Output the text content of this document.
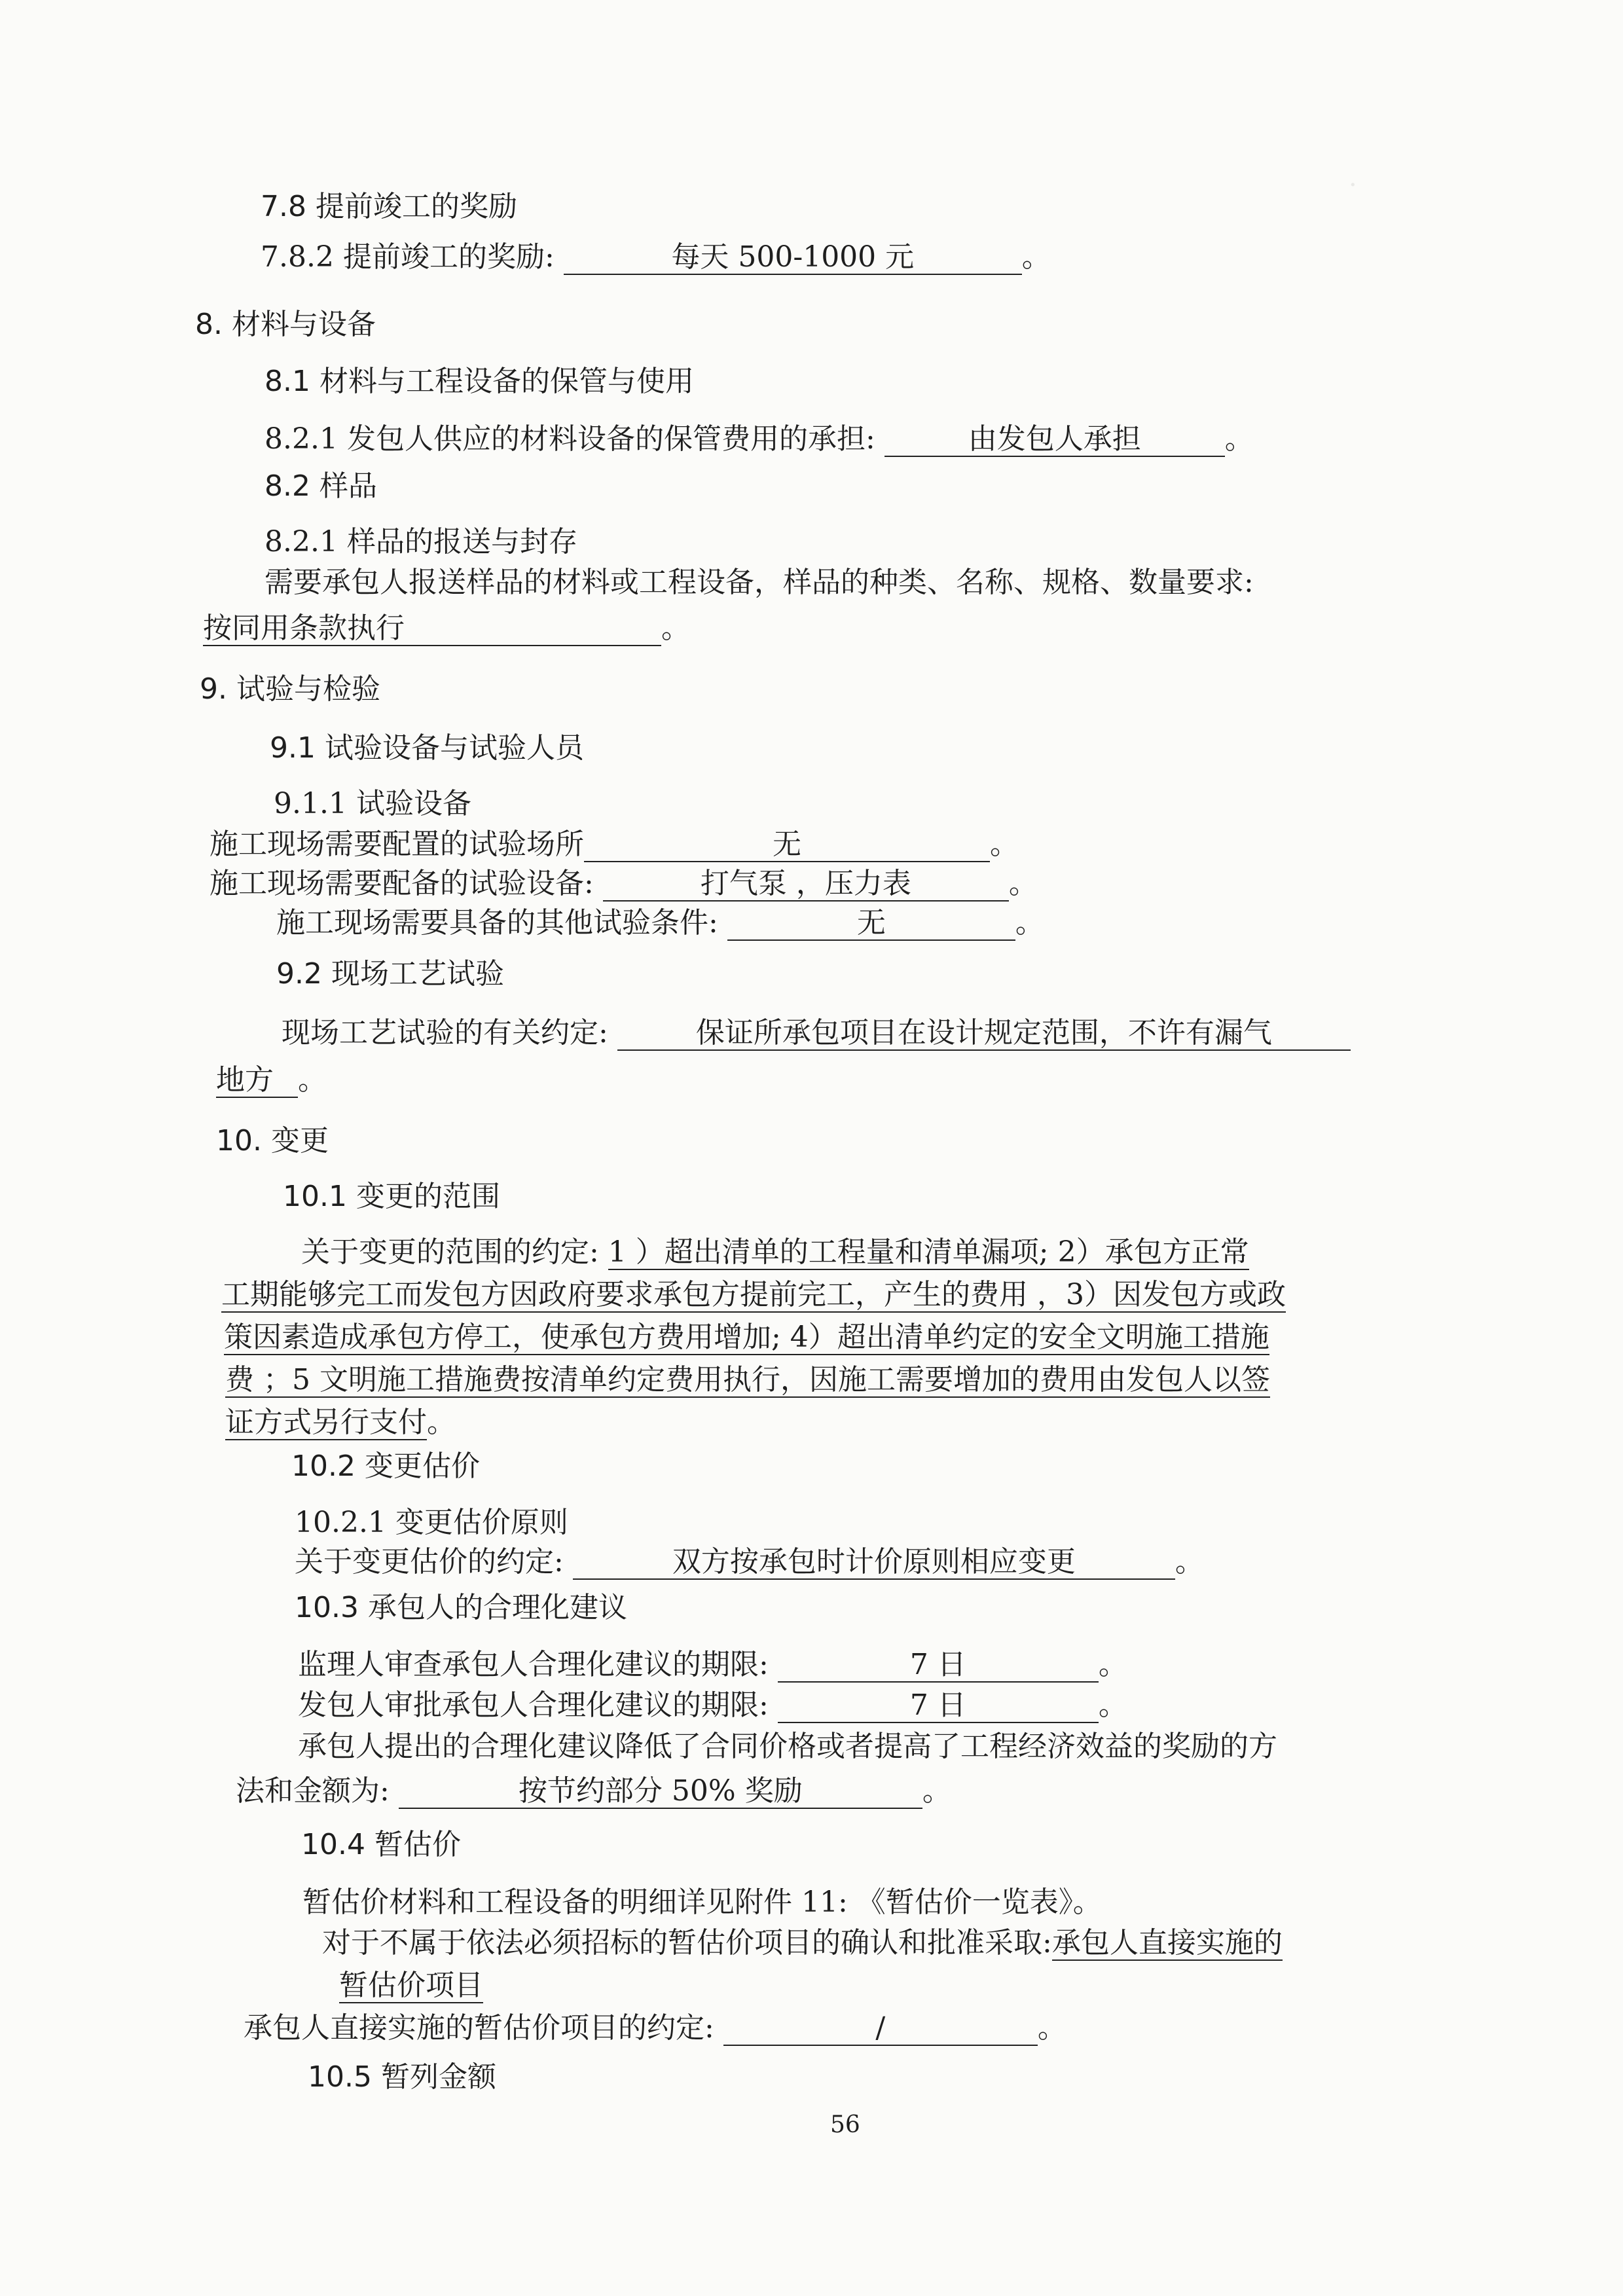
·
7.8 提前竣工的奖励
7.8.2 提前竣工的奖励:	每天 500-1000 元	。
8. 材料与设备
8.1 材料与工程设备的保管与使用
8.2.1 发包人供应的材料设备的保管费用的承担:	由发包人承担	。
8.2 样品
8.2.1 样品的报送与封存
需要承包人报送样品的材料或工程设备，样品的种类、名称、规格、数量要求:
按同用条款执行	。
9. 试验与检验
9.1 试验设备与试验人员
9.1.1 试验设备
施工现场需要配置的试验场所	无	。
施工现场需要配备的试验设备:	打气泵 ，压力表	。
施工现场需要具备的其他试验条件:	无	。
9.2 现场工艺试验
现场工艺试验的有关约定:	保证所承包项目在设计规定范围，不许有漏气
地方 。
10. 变更
10.1 变更的范围
关于变更的范围的约定: 1 ）超出清单的工程量和清单漏项; 2）承包方正常
工期能够完工而发包方因政府要求承包方提前完工，产生的费用 ，3）因发包方或政
策因素造成承包方停工，使承包方费用增加; 4）超出清单约定的安全文明施工措施
费 ；5 文明施工措施费按清单约定费用执行，因施工需要增加的费用由发包人以签
证方式另行支付。
10.2 变更估价
10.2.1 变更估价原则
关于变更估价的约定:	双方按承包时计价原则相应变更	。
10.3 承包人的合理化建议
监理人审查承包人合理化建议的期限:	7 日	。
发包人审批承包人合理化建议的期限:	7 日	。
承包人提出的合理化建议降低了合同价格或者提高了工程经济效益的奖励的方
法和金额为:	按节约部分 50% 奖励	。
10.4 暂估价
暂估价材料和工程设备的明细详见附件 11: 《暂估价一览表》。
对于不属于依法必须招标的暂估价项目的确认和批准采取:承包人直接实施的
暂估价项目
承包人直接实施的暂估价项目的约定:	/	。
10.5 暂列金额
56
